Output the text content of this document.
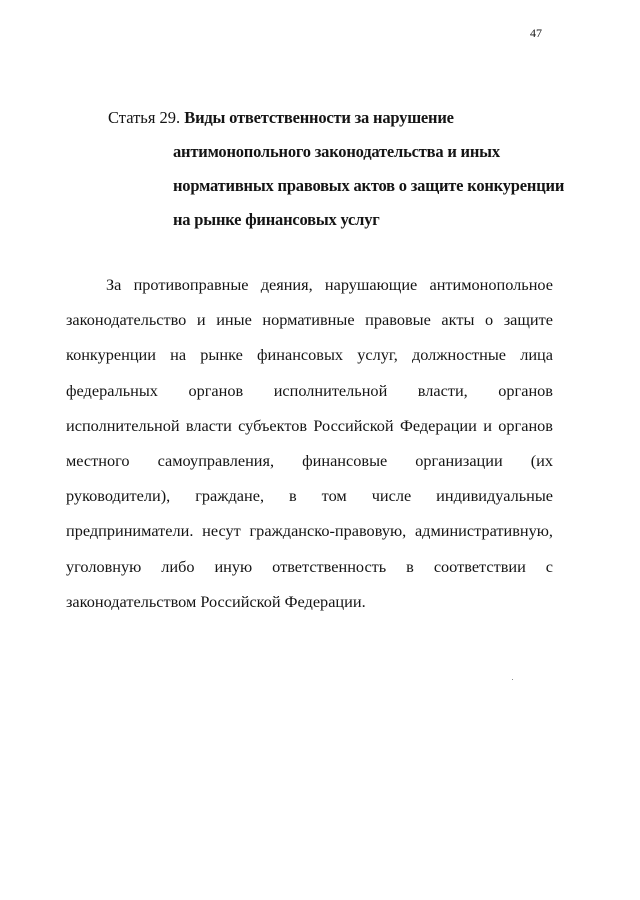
47
Статья 29. Виды ответственности за нарушение
антимонопольного законодательства и иных
нормативных правовых актов о защите конкуренции
на рынке финансовых услуг
За противоправные деяния, нарушающие антимонопольное
законодательство и иные нормативные правовые акты о защите
конкуренции на рынке финансовых услуг, должностные лица
федеральных органов исполнительной власти, органов
исполнительной власти субъектов Российской Федерации и органов
местного самоуправления, финансовые организации (их
руководители), граждане, в том числе индивидуальные
предприниматели. несут гражданско-правовую, административную,
уголовную либо иную ответственность в соответствии с
законодательством Российской Федерации.
